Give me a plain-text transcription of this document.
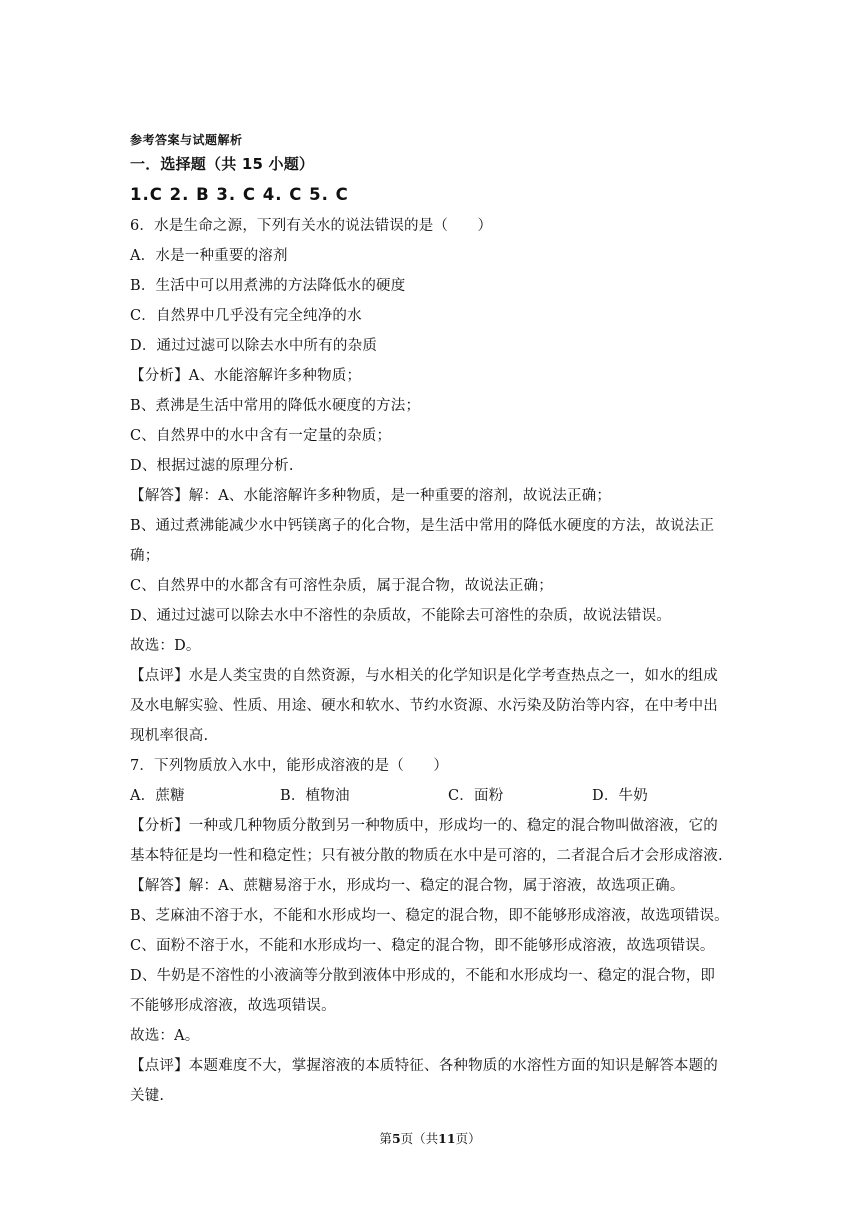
参考答案与试题解析
一．选择题（共 15 小题）
1.C 2. B 3. C 4. C 5. C
6．水是生命之源，下列有关水的说法错误的是（　　）
A．水是一种重要的溶剂
B．生活中可以用煮沸的方法降低水的硬度
C．自然界中几乎没有完全纯净的水
D．通过过滤可以除去水中所有的杂质
【分析】A、水能溶解许多种物质；
B、煮沸是生活中常用的降低水硬度的方法；
C、自然界中的水中含有一定量的杂质；
D、根据过滤的原理分析.
【解答】解：A、水能溶解许多种物质，是一种重要的溶剂，故说法正确；
B、通过煮沸能减少水中钙镁离子的化合物，是生活中常用的降低水硬度的方法，故说法正
确；
C、自然界中的水都含有可溶性杂质，属于混合物，故说法正确；
D、通过过滤可以除去水中不溶性的杂质故，不能除去可溶性的杂质，故说法错误。
故选：D。
【点评】水是人类宝贵的自然资源，与水相关的化学知识是化学考查热点之一，如水的组成
及水电解实验、性质、用途、硬水和软水、节约水资源、水污染及防治等内容，在中考中出
现机率很高.
7．下列物质放入水中，能形成溶液的是（　　）
A．蔗糖	B．植物油	C．面粉	D．牛奶
【分析】一种或几种物质分散到另一种物质中，形成均一的、稳定的混合物叫做溶液，它的
基本特征是均一性和稳定性；只有被分散的物质在水中是可溶的，二者混合后才会形成溶液.
【解答】解：A、蔗糖易溶于水，形成均一、稳定的混合物，属于溶液，故选项正确。
B、芝麻油不溶于水，不能和水形成均一、稳定的混合物，即不能够形成溶液，故选项错误。
C、面粉不溶于水，不能和水形成均一、稳定的混合物，即不能够形成溶液，故选项错误。
D、牛奶是不溶性的小液滴等分散到液体中形成的，不能和水形成均一、稳定的混合物，即
不能够形成溶液，故选项错误。
故选：A。
【点评】本题难度不大，掌握溶液的本质特征、各种物质的水溶性方面的知识是解答本题的
关键.
第5页（共11页）
